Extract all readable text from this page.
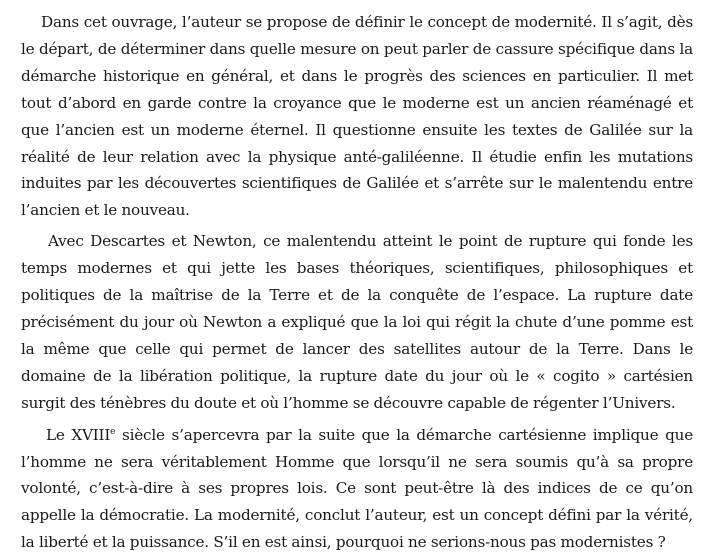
Dans cet ouvrage, l’auteur se propose de définir le concept de modernité. Il s’agit, dès le départ, de déterminer dans quelle mesure on peut parler de cassure spécifique dans la démarche historique en général, et dans le progrès des sciences en particulier. Il met tout d’abord en garde contre la croyance que le moderne est un ancien réaménagé et que l’ancien est un moderne éternel. Il questionne ensuite les textes de Galilée sur la réalité de leur relation avec la physique anté-galiléenne. Il étudie enfin les mutations induites par les découvertes scientifiques de Galilée et s’arrête sur le malentendu entre l’ancien et le nouveau.

Avec Descartes et Newton, ce malentendu atteint le point de rupture qui fonde les temps modernes et qui jette les bases théoriques, scientifiques, philosophiques et politiques de la maîtrise de la Terre et de la conquête de l’espace. La rupture date précisément du jour où Newton a expliqué que la loi qui régit la chute d’une pomme est la même que celle qui permet de lancer des satellites autour de la Terre. Dans le domaine de la libération politique, la rupture date du jour où le « cogito » cartésien surgit des ténèbres du doute et où l’homme se découvre capable de régenter l’Univers.

Le XVIIIe siècle s’apercevra par la suite que la démarche cartésienne implique que l’homme ne sera véritablement Homme que lorsqu’il ne sera soumis qu’à sa propre volonté, c’est-à-dire à ses propres lois. Ce sont peut-être là des indices de ce qu’on appelle la démocratie. La modernité, conclut l’auteur, est un concept défini par la vérité, la liberté et la puissance. S’il en est ainsi, pourquoi ne serions-nous pas modernistes ?
